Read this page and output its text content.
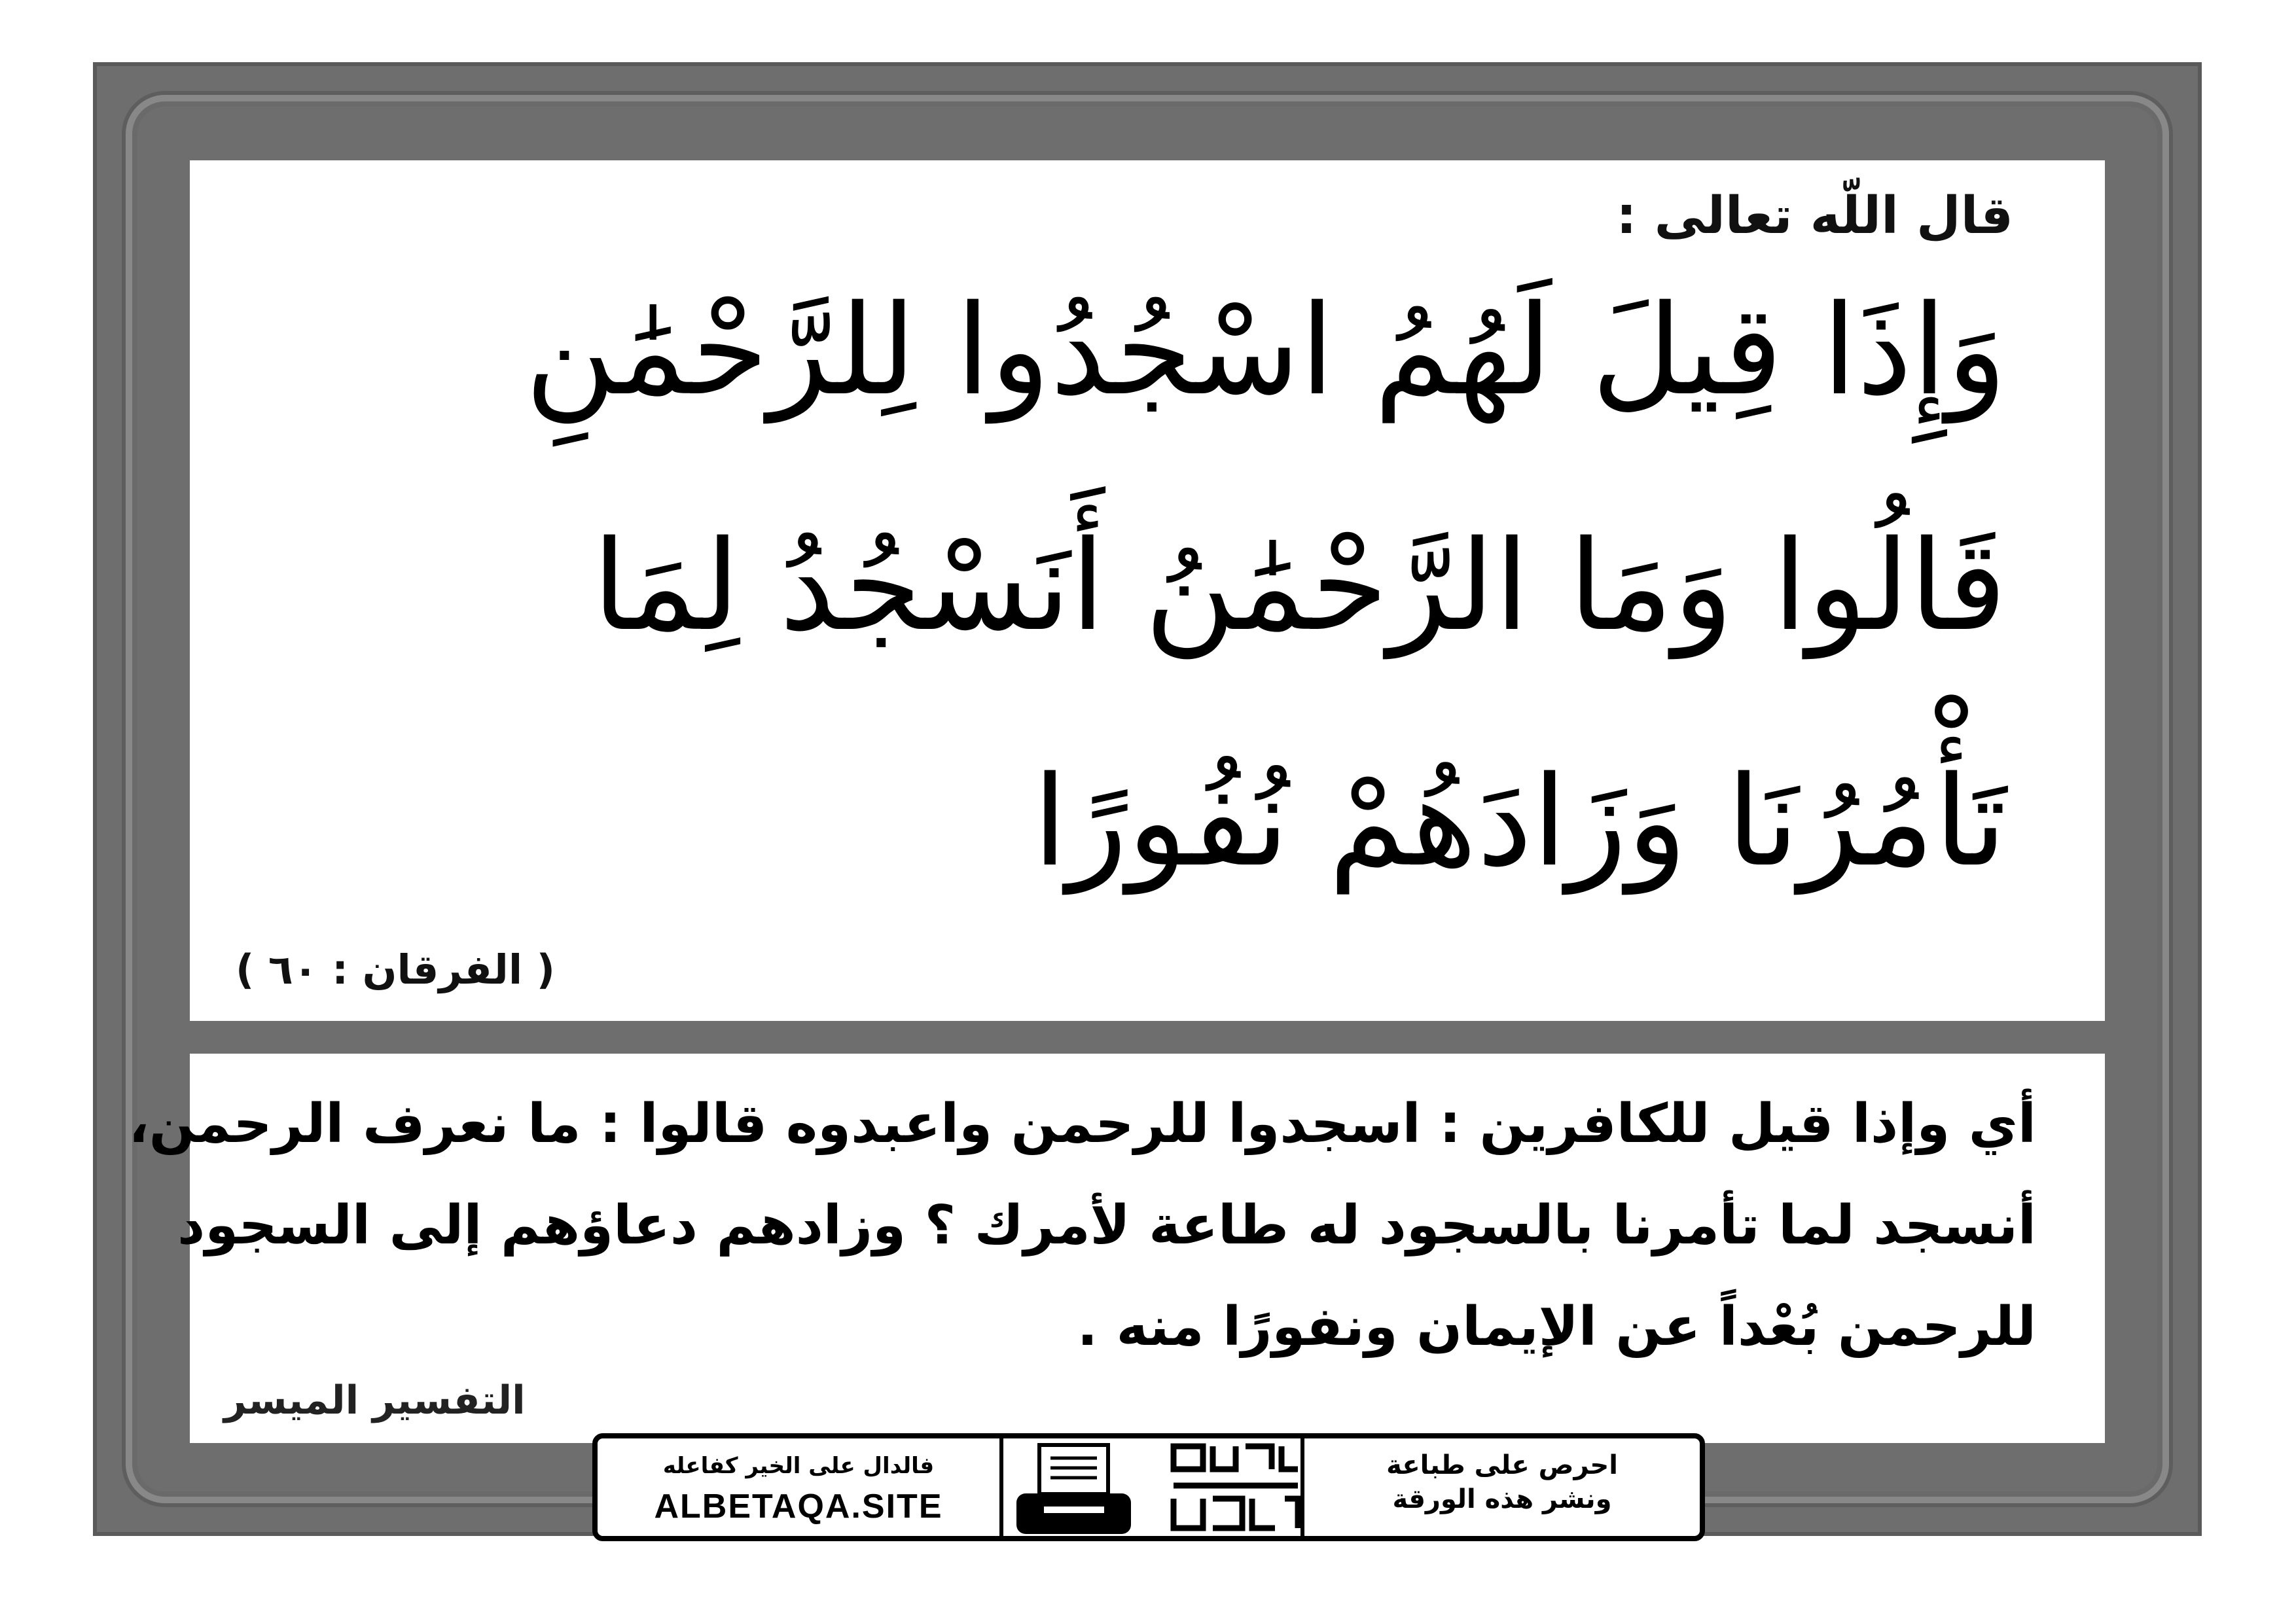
قال اللّه تعالى :
وَإِذَا قِيلَ لَهُمُ اسْجُدُوا لِلرَّحْمَٰنِ
قَالُوا وَمَا الرَّحْمَٰنُ أَنَسْجُدُ لِمَا
تَأْمُرُنَا وَزَادَهُمْ نُفُورًا
( الفرقان : ٦٠ )
أي وإذا قيل للكافرين : اسجدوا للرحمن واعبدوه قالوا : ما نعرف الرحمن،
أنسجد لما تأمرنا بالسجود له طاعة لأمرك ؟ وزادهم دعاؤهم إلى السجود
للرحمن بُعْداً عن الإيمان ونفورًا منه .
التفسير الميسر
فالدال على الخير كفاعله
ALBETAQA.SITE
احرص على طباعة
ونشر هذه الورقة
